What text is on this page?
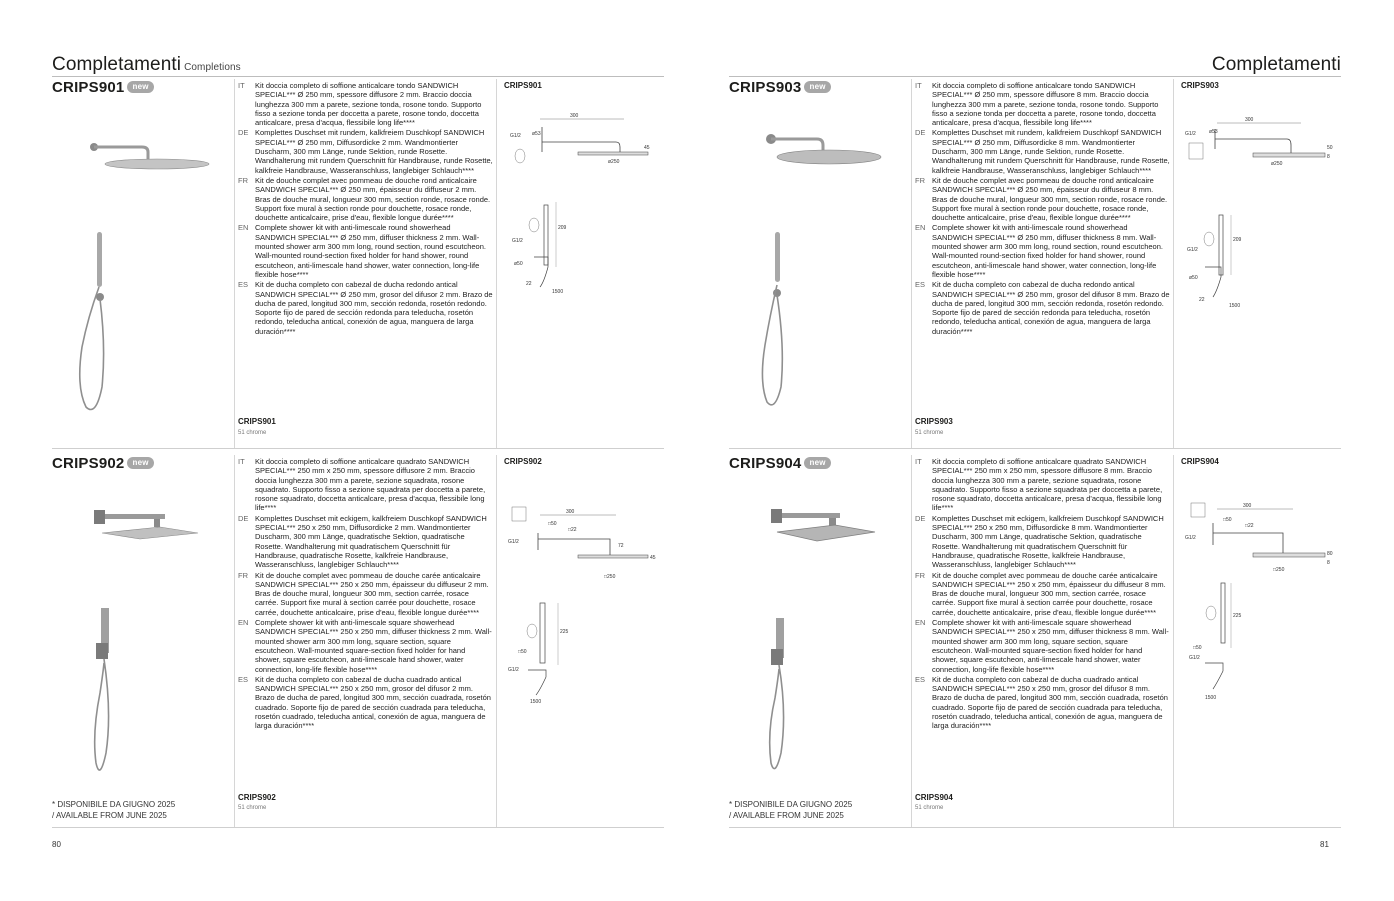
Completamenti Completions
CRIPS901 new	IT	Kit doccia completo di soffione anticalcare tondo SANDWICH SPECIAL*** Ø 250 mm, spessore diffusore 2 mm. Braccio doccia lunghezza 300 mm a parete, sezione tonda, rosone tondo. Supporto fisso a sezione tonda per doccetta a parete, rosone tondo, doccetta anticalcare, presa d'acqua, flessibile long life****
DE Komplettes Duschset mit rundem, kalkfreiem Duschkopf SANDWICH SPECIAL*** Ø 250 mm, Diffusordicke 2 mm. Wandmontierter Duscharm, 300 mm Länge, runde Sektion, runde Rosette. Wandhalterung mit rundem Querschnitt für Handbrause, runde Rosette, kalkfreie Handbrause, Wasseranschluss, langlebiger Schlauch****
FR Kit de douche complet avec pommeau de douche rond anticalcaire SANDWICH SPECIAL*** Ø 250 mm, épaisseur du diffuseur 2 mm. Bras de douche mural, longueur 300 mm, section ronde, rosace ronde. Support fixe mural à section ronde pour douchette, rosace ronde, douchette anticalcaire, prise d'eau, flexible longue durée****
EN Complete shower kit with anti-limescale round showerhead SANDWICH SPECIAL*** Ø 250 mm, diffuser thickness 2 mm. Wall-mounted shower arm 300 mm long, round section, round escutcheon. Wall-mounted round-section fixed holder for hand shower, round escutcheon, anti-limescale hand shower, water connection, long-life flexible hose****
ES Kit de ducha completo con cabezal de ducha redondo antical SANDWICH SPECIAL*** Ø 250 mm, grosor del difusor 2 mm. Brazo de ducha de pared, longitud 300 mm, sección redonda, rosetón redondo. Soporte fijo de pared de sección redonda para teleducha, rosetón redondo, teleducha antical, conexión de agua, manguera de larga duración****
CRIPS901
51 chrome
CRIPS901
300
ø53
G1/2
45
ø250
209
G1/2
ø50
22
1500
CRIPS902 new
* DISPONIBILE DA GIUGNO 2025
/ AVAILABLE FROM JUNE 2025
IT	Kit doccia completo di soffione anticalcare quadrato SANDWICH SPECIAL*** 250 mm x 250 mm, spessore diffusore 2 mm. Braccio doccia lunghezza 300 mm a parete, sezione squadrata, rosone squadrato. Supporto fisso a sezione squadrata per doccetta a parete, rosone squadrato, doccetta anticalcare, presa d'acqua, flessibile long life****
DE Komplettes Duschset mit eckigem, kalkfreiem Duschkopf SANDWICH SPECIAL*** 250 x 250 mm, Diffusordicke 2 mm. Wandmontierter Duscharm, 300 mm Länge, quadratische Sektion, quadratische Rosette. Wandhalterung mit quadratischem Querschnitt für Handbrause, quadratische Rosette, kalkfreie Handbrause, Wasseranschluss, langlebiger Schlauch****
FR Kit de douche complet avec pommeau de douche carée anticalcaire SANDWICH SPECIAL*** 250 x 250 mm, épaisseur du diffuseur 2 mm. Bras de douche mural, longueur 300 mm, section carrée, rosace carrée. Support fixe mural à section carrée pour douchette, rosace carrée, douchette anticalcaire, prise d'eau, flexible longue durée****
EN Complete shower kit with anti-limescale square showerhead SANDWICH SPECIAL*** 250 x 250 mm, diffuser thickness 2 mm. Wall-mounted shower arm 300 mm long, square section, square escutcheon. Wall-mounted square-section fixed holder for hand shower, square escutcheon, anti-limescale hand shower, water connection, long-life flexible hose****
ES Kit de ducha completo con cabezal de ducha cuadrado antical SANDWICH SPECIAL*** 250 x 250 mm, grosor del difusor 2 mm. Brazo de ducha de pared, longitud 300 mm, sección cuadrada, rosetón cuadrado. Soporte fijo de pared de sección cuadrada para teleducha, rosetón cuadrado, teleducha antical, conexión de agua, manguera de larga duración****
CRIPS902
51 chrome
CRIPS902
300
□50
□22
G1/2
72
□250
45
225
□50
G1/2
1500
80
Completamenti
CRIPS903 new	IT	Kit doccia completo di soffione anticalcare tondo SANDWICH SPECIAL*** Ø 250 mm, spessore diffusore 8 mm. Braccio doccia lunghezza 300 mm a parete, sezione tonda, rosone tondo. Supporto fisso a sezione tonda per doccetta a parete, rosone tondo, doccetta anticalcare, presa d'acqua, flessibile long life****
DE Komplettes Duschset mit rundem, kalkfreiem Duschkopf SANDWICH SPECIAL*** Ø 250 mm, Diffusordicke 8 mm. Wandmontierter Duscharm, 300 mm Länge, runde Sektion, runde Rosette. Wandhalterung mit rundem Querschnitt für Handbrause, runde Rosette, kalkfreie Handbrause, Wasseranschluss, langlebiger Schlauch****
FR Kit de douche complet avec pommeau de douche rond anticalcaire SANDWICH SPECIAL*** Ø 250 mm, épaisseur du diffuseur 8 mm. Bras de douche mural, longueur 300 mm, section ronde, rosace ronde. Support fixe mural à section ronde pour douchette, rosace ronde, douchette anticalcaire, prise d'eau, flexible longue durée****
EN Complete shower kit with anti-limescale round showerhead SANDWICH SPECIAL*** Ø 250 mm, diffuser thickness 8 mm. Wall-mounted shower arm 300 mm long, round section, round escutcheon. Wall-mounted round-section fixed holder for hand shower, round escutcheon, anti-limescale hand shower, water connection, long-life flexible hose****
ES Kit de ducha completo con cabezal de ducha redondo antical SANDWICH SPECIAL*** Ø 250 mm, grosor del difusor 8 mm. Brazo de ducha de pared, longitud 300 mm, sección redonda, rosetón redondo. Soporte fijo de pared de sección redonda para teleducha, rosetón redondo, teleducha antical, conexión de agua, manguera de larga duración****
CRIPS903
51 chrome
CRIPS903
300
ø53
G1/2
50
8
ø250
209
G1/2
ø50
22
1500
CRIPS904 new
* DISPONIBILE DA GIUGNO 2025
/ AVAILABLE FROM JUNE 2025
IT	Kit doccia completo di soffione anticalcare quadrato SANDWICH SPECIAL*** 250 mm x 250 mm, spessore diffusore 8 mm. Braccio doccia lunghezza 300 mm a parete, sezione squadrata, rosone squadrato. Supporto fisso a sezione squadrata per doccetta a parete, rosone squadrato, doccetta anticalcare, presa d'acqua, flessibile long life****
DE Komplettes Duschset mit eckigem, kalkfreiem Duschkopf SANDWICH SPECIAL*** 250 x 250 mm, Diffusordicke 8 mm. Wandmontierter Duscharm, 300 mm Länge, quadratische Sektion, quadratische Rosette. Wandhalterung mit quadratischem Querschnitt für Handbrause, quadratische Rosette, kalkfreie Handbrause, Wasseranschluss, langlebiger Schlauch****
FR Kit de douche complet avec pommeau de douche carée anticalcaire SANDWICH SPECIAL*** 250 x 250 mm, épaisseur du diffuseur 8 mm. Bras de douche mural, longueur 300 mm, section carrée, rosace carrée. Support fixe mural à section carrée pour douchette, rosace carrée, douchette anticalcaire, prise d'eau, flexible longue durée****
EN Complete shower kit with anti-limescale square showerhead SANDWICH SPECIAL*** 250 x 250 mm, diffuser thickness 8 mm. Wall-mounted shower arm 300 mm long, square section, square escutcheon. Wall-mounted square-section fixed holder for hand shower, square escutcheon, anti-limescale hand shower, water connection, long-life flexible hose****
ES Kit de ducha completo con cabezal de ducha cuadrado antical SANDWICH SPECIAL*** 250 x 250 mm, grosor del difusor 8 mm. Brazo de ducha de pared, longitud 300 mm, sección cuadrada, rosetón cuadrado. Soporte fijo de pared de sección cuadrada para teleducha, rosetón cuadrado, teleducha antical, conexión de agua, manguera de larga duración****
CRIPS904
51 chrome
CRIPS904
300
□50
□22
G1/2
80
8
□250
225
□50
G1/2
1500
81
